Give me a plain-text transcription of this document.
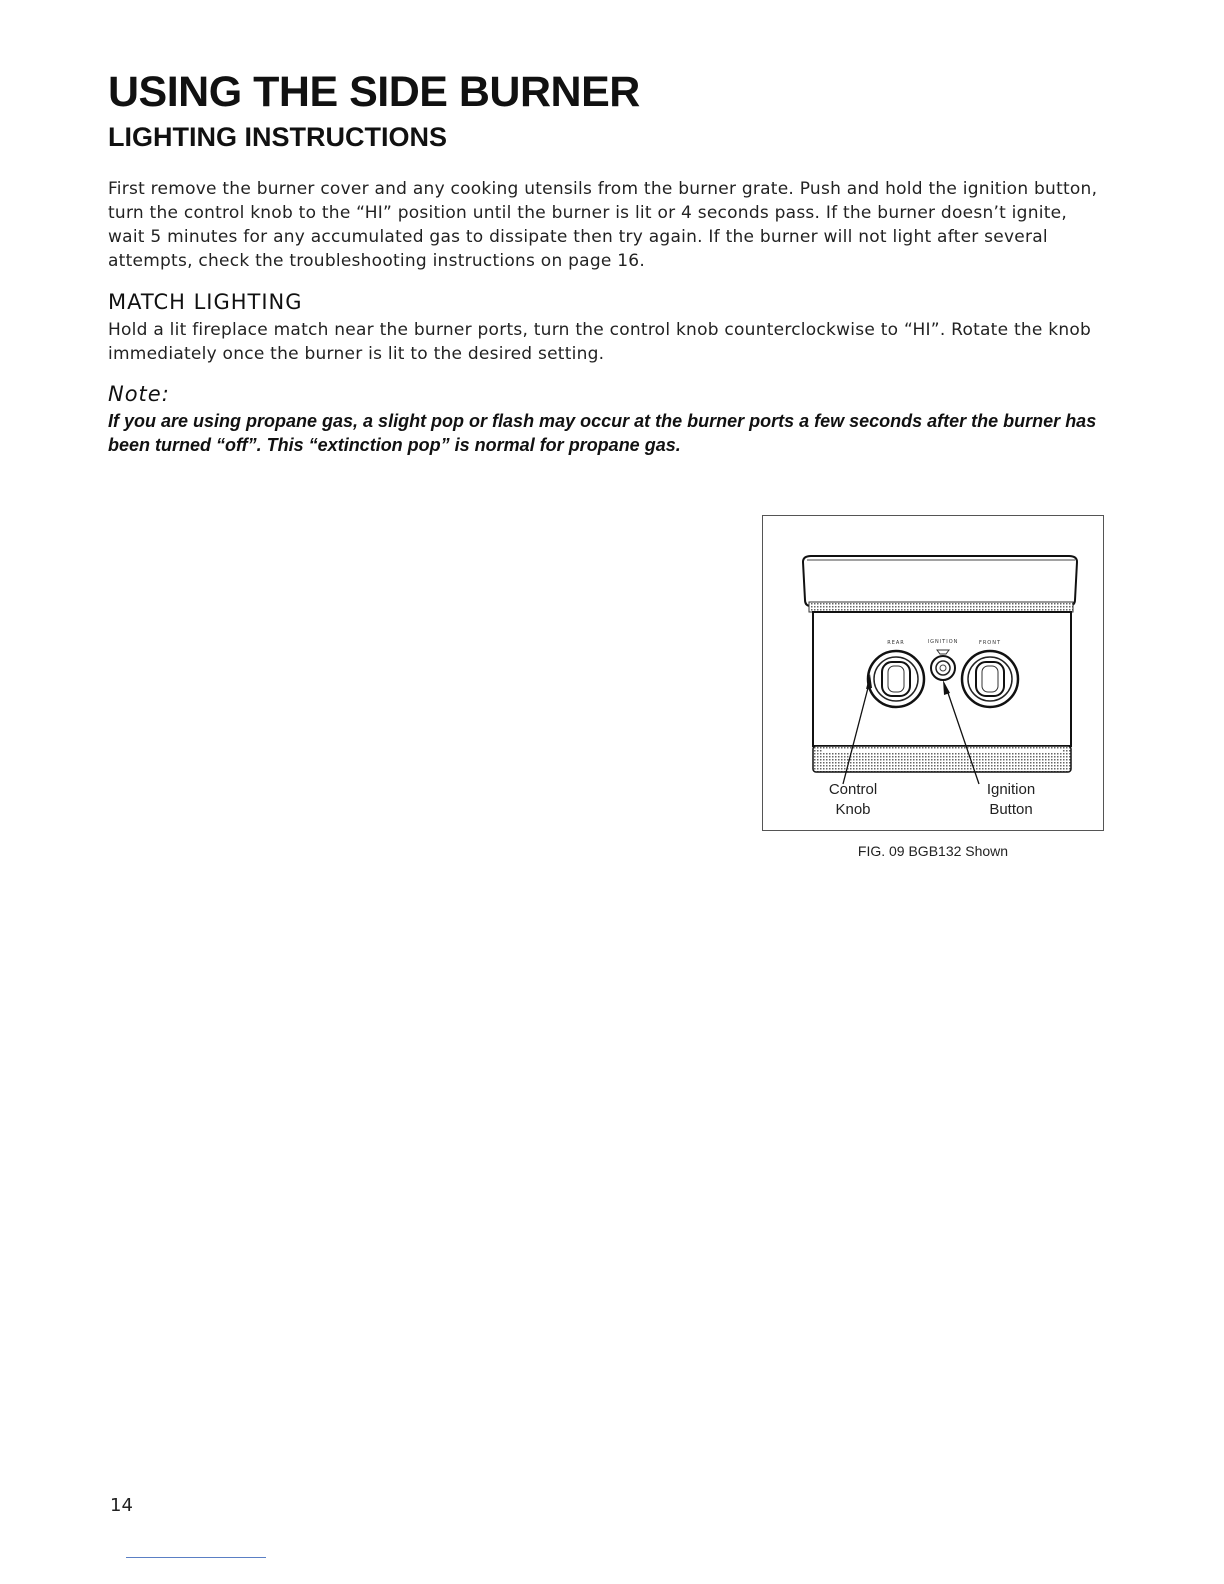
USING THE SIDE BURNER
LIGHTING INSTRUCTIONS

First remove the burner cover and any cooking utensils from the burner grate. Push and hold the ignition button, turn the control knob to the “HI” position until the burner is lit or 4 seconds pass. If the burner doesn’t ignite, wait 5 minutes for any accumulated gas to dissipate then try again. If the burner will not light after several attempts, check the troubleshooting instructions on page 16.

MATCH LIGHTING

Hold a lit fireplace match near the burner ports, turn the control knob counterclockwise to “HI”. Rotate the knob immediately once the burner is lit to the desired setting.

Note:

If you are using propane gas, a slight pop or flash may occur at the burner ports a few seconds after the burner has been turned “off”. This “extinction pop” is normal for propane gas.

REAR	IGNITION	FRONT
Control
Knob
Ignition
Button

FIG. 09 BGB132 Shown

14
